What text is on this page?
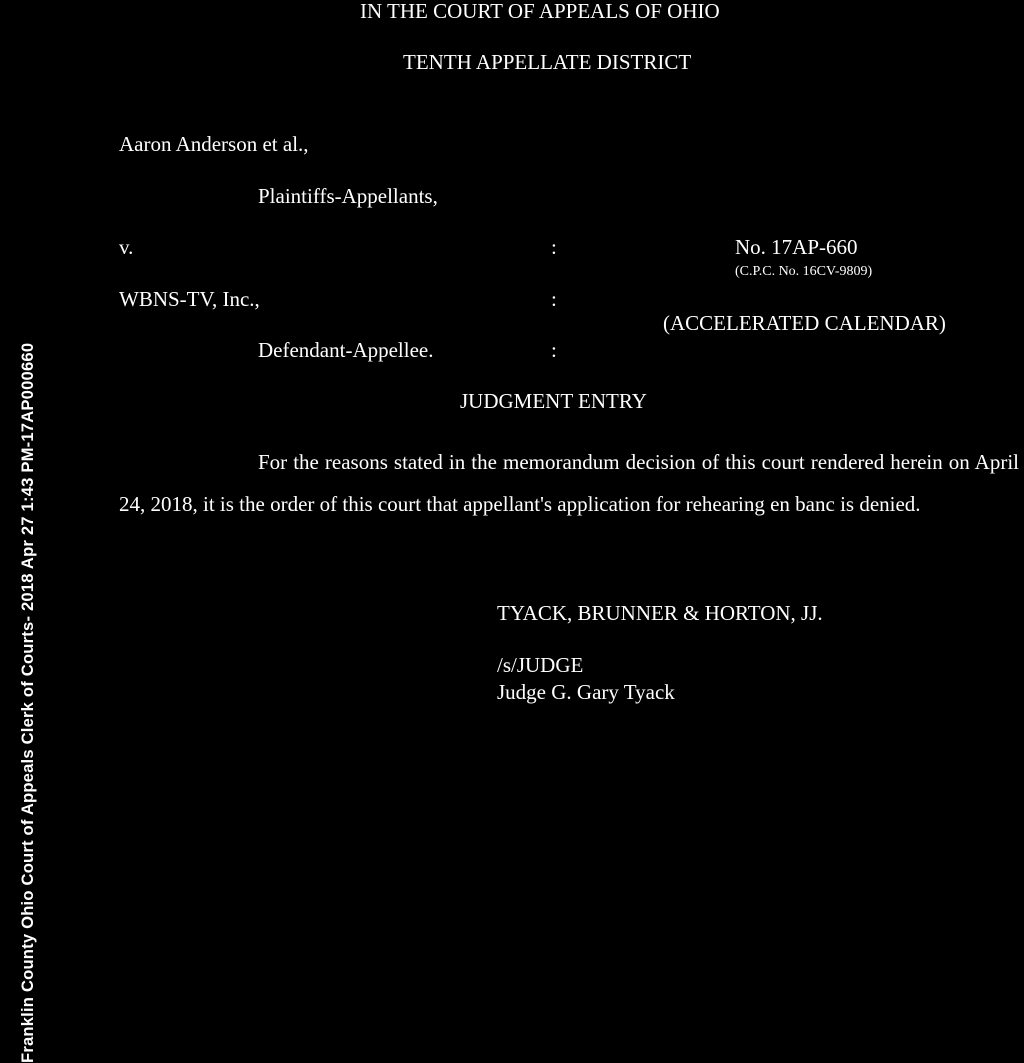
Franklin County Ohio Court of Appeals Clerk of Courts- 2018 Apr 27 1:43 PM-17AP000660
IN THE COURT OF APPEALS OF OHIO
TENTH APPELLATE DISTRICT
Aaron Anderson et al.,
Plaintiffs-Appellants,
v.	:	No. 17AP-660
(C.P.C. No. 16CV-9809)
WBNS-TV, Inc.,	:
(ACCELERATED CALENDAR)
Defendant-Appellee.	:
JUDGMENT ENTRY
For the reasons stated in the memorandum decision of this court rendered herein on April 24, 2018, it is the order of this court that appellant's application for rehearing en banc is denied.
TYACK, BRUNNER & HORTON, JJ.
/s/JUDGE
Judge G. Gary Tyack
